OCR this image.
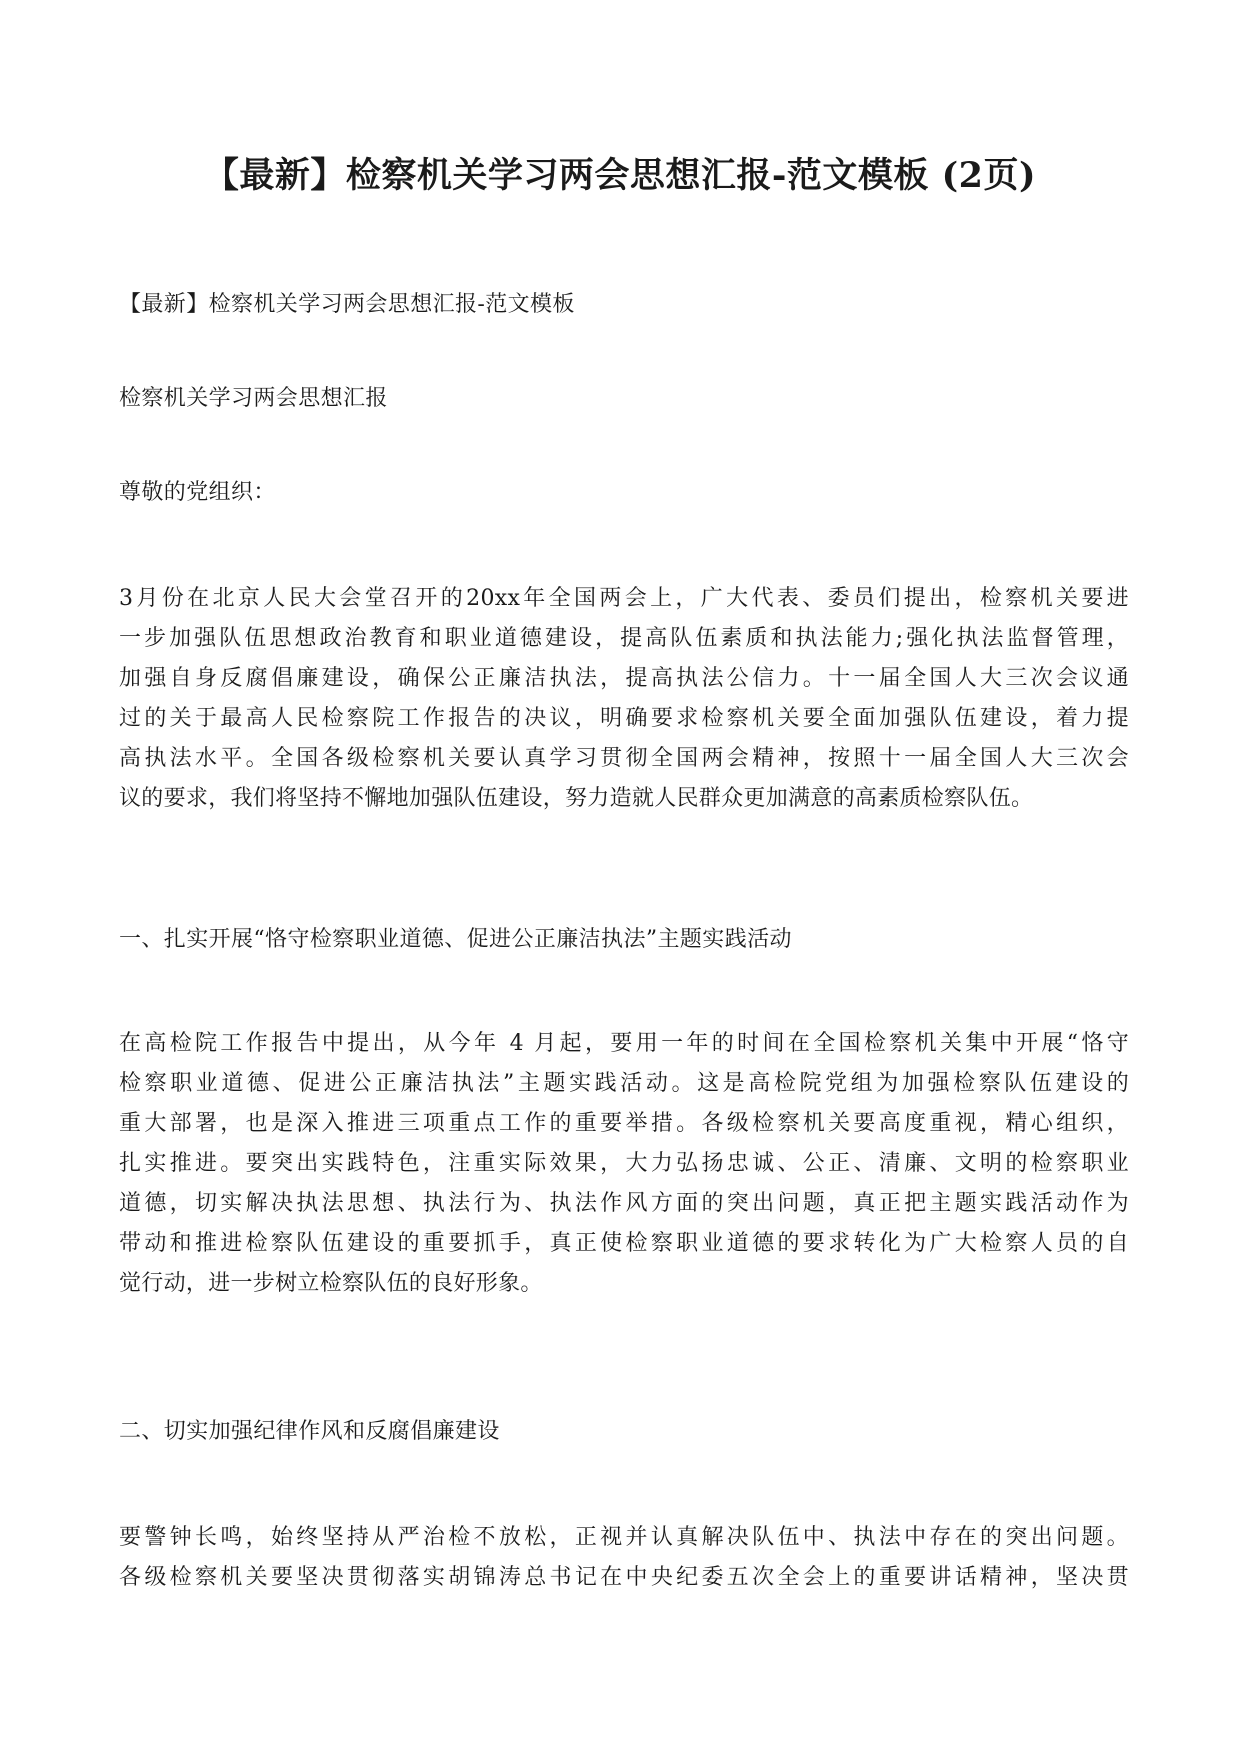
【最新】检察机关学习两会思想汇报-范文模板 (2页)

【最新】检察机关学习两会思想汇报-范文模板

检察机关学习两会思想汇报

尊敬的党组织：

3月份在北京人民大会堂召开的20xx年全国两会上，广大代表、委员们提出，检察机关要进
一步加强队伍思想政治教育和职业道德建设，提高队伍素质和执法能力;强化执法监督管理，
加强自身反腐倡廉建设，确保公正廉洁执法，提高执法公信力。十一届全国人大三次会议通
过的关于最高人民检察院工作报告的决议，明确要求检察机关要全面加强队伍建设，着力提
高执法水平。全国各级检察机关要认真学习贯彻全国两会精神，按照十一届全国人大三次会
议的要求，我们将坚持不懈地加强队伍建设，努力造就人民群众更加满意的高素质检察队伍。

一、扎实开展“恪守检察职业道德、促进公正廉洁执法”主题实践活动

在高检院工作报告中提出，从今年 4 月起，要用一年的时间在全国检察机关集中开展“恪守
检察职业道德、促进公正廉洁执法”主题实践活动。这是高检院党组为加强检察队伍建设的
重大部署，也是深入推进三项重点工作的重要举措。各级检察机关要高度重视，精心组织，
扎实推进。要突出实践特色，注重实际效果，大力弘扬忠诚、公正、清廉、文明的检察职业
道德，切实解决执法思想、执法行为、执法作风方面的突出问题，真正把主题实践活动作为
带动和推进检察队伍建设的重要抓手，真正使检察职业道德的要求转化为广大检察人员的自
觉行动，进一步树立检察队伍的良好形象。

二、切实加强纪律作风和反腐倡廉建设

要警钟长鸣，始终坚持从严治检不放松，正视并认真解决队伍中、执法中存在的突出问题。
各级检察机关要坚决贯彻落实胡锦涛总书记在中央纪委五次全会上的重要讲话精神，坚决贯
